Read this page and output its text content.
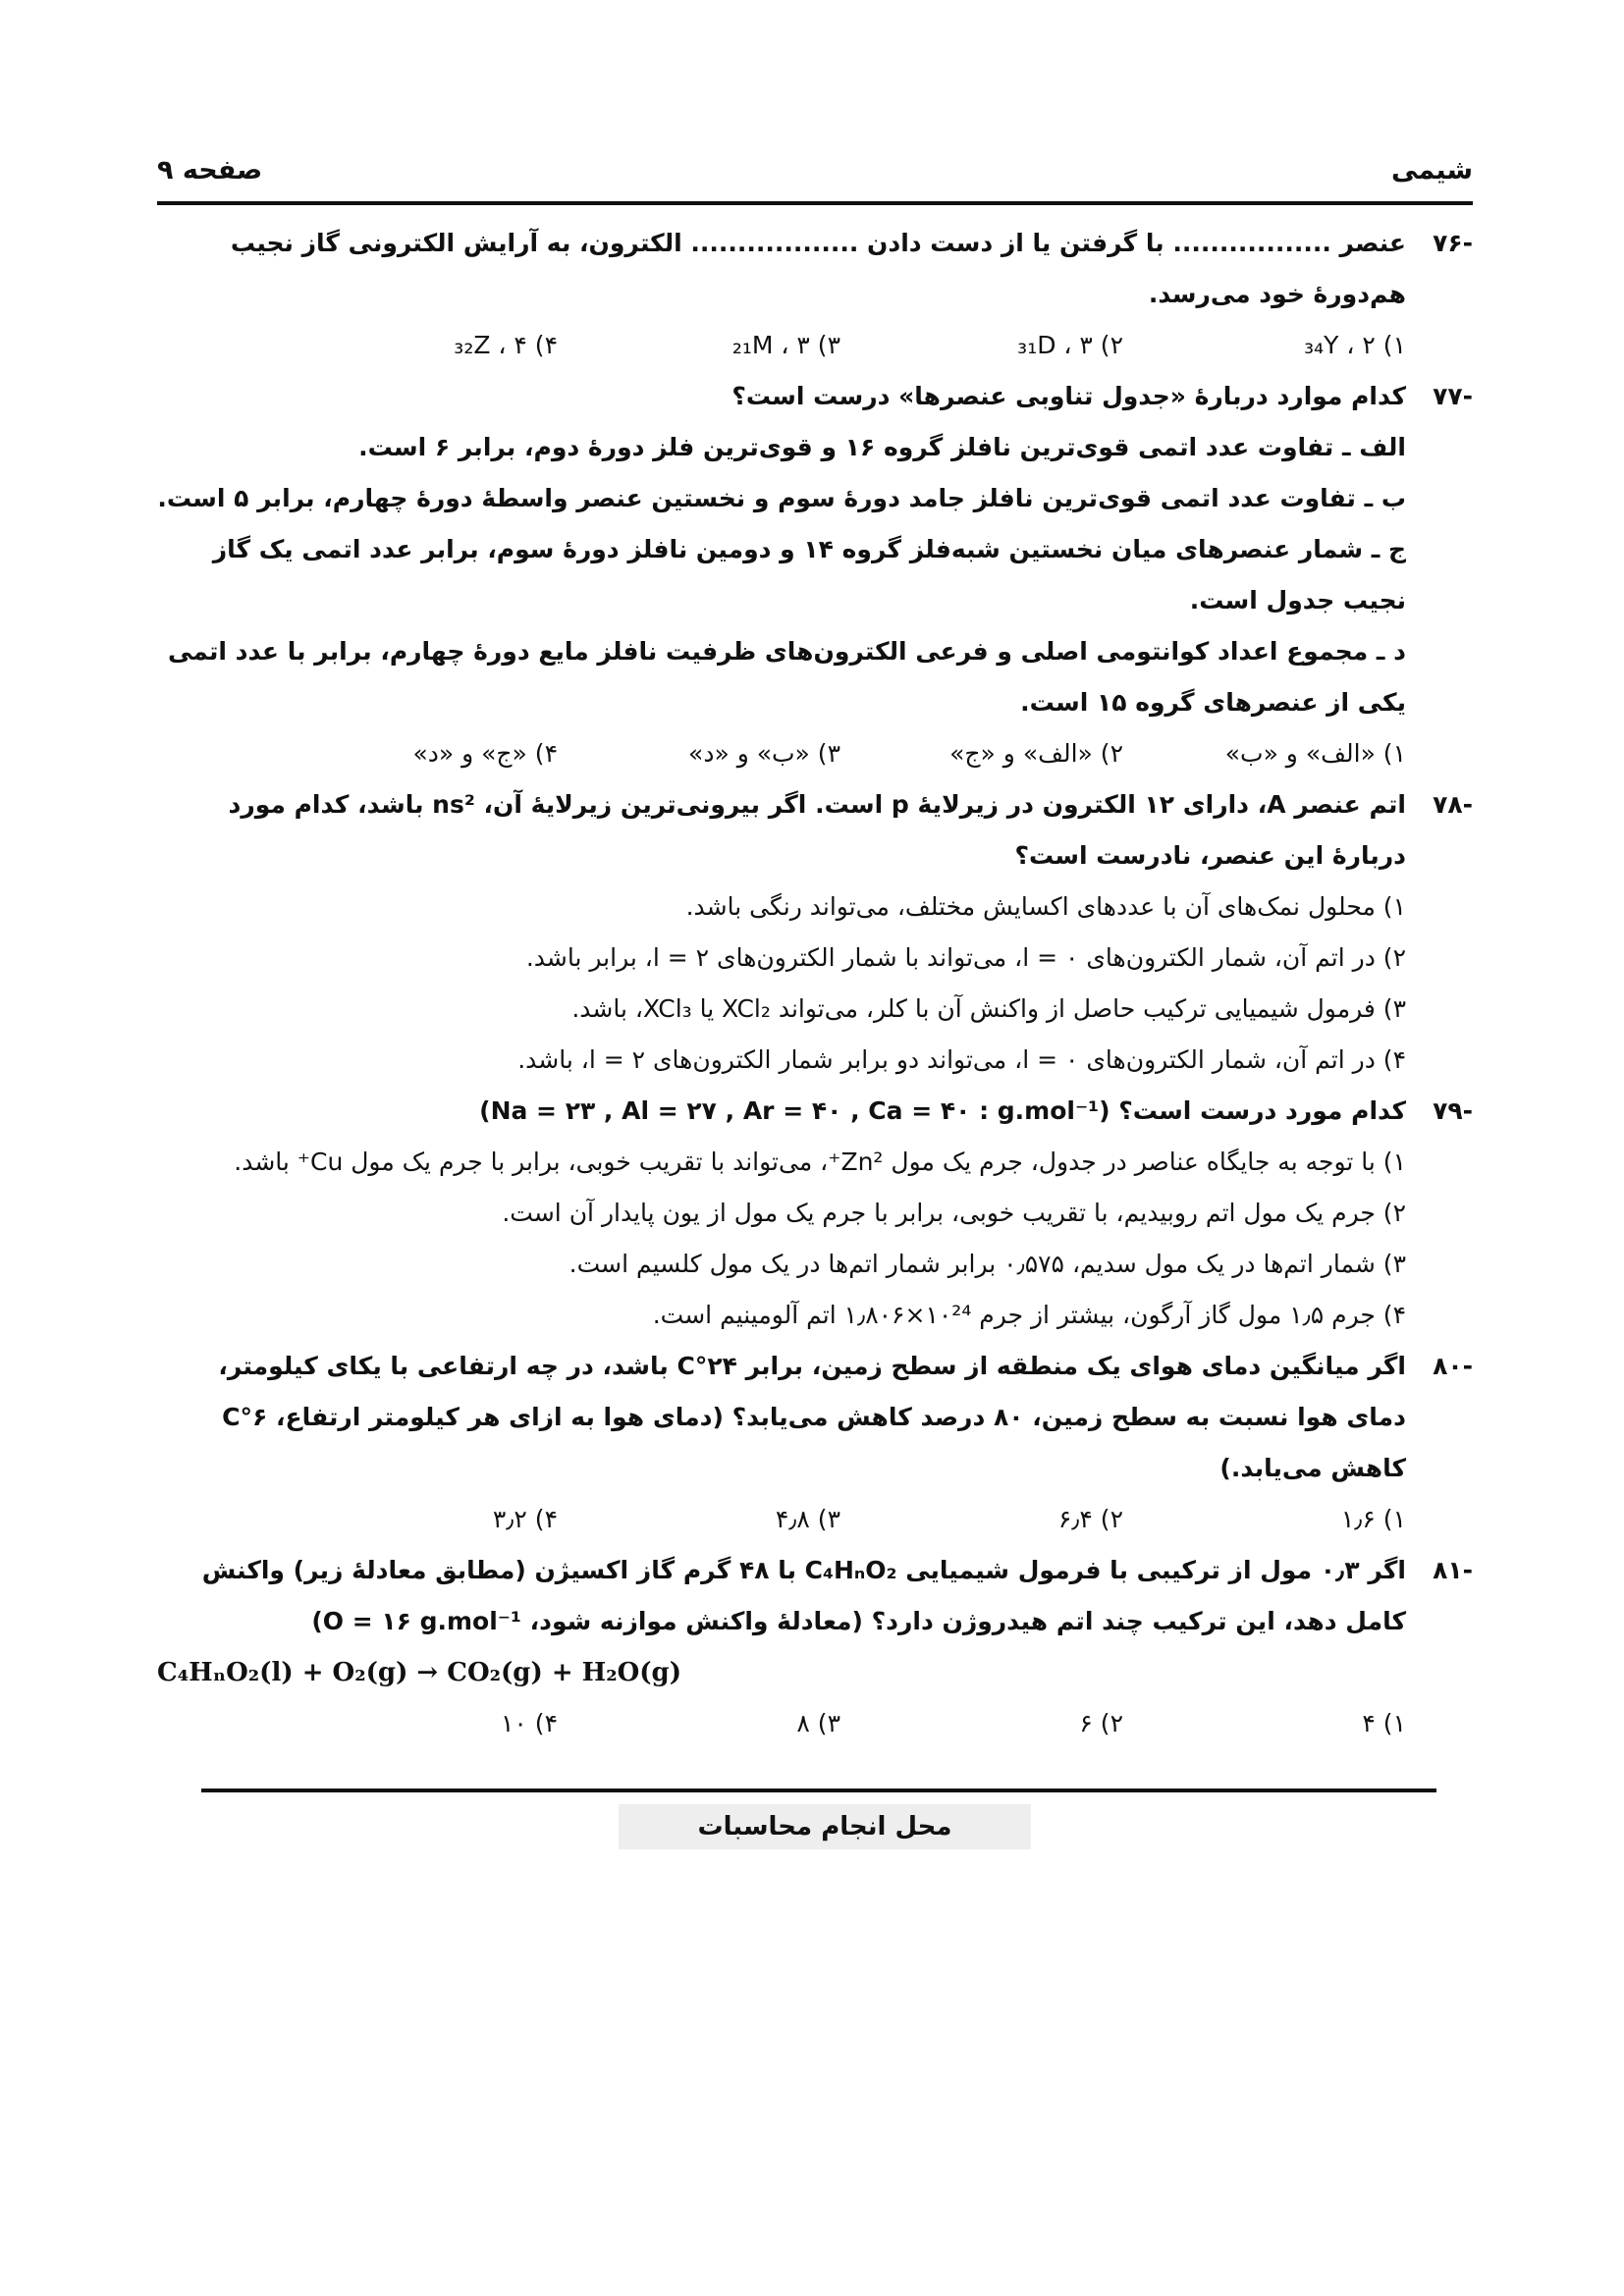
شیمی
صفحه ۹
-۷۶
عنصر ................. با گرفتن یا از دست دادن .................. الکترون، به آرایش الکترونی گاز نجیب هم‌دورهٔ خود می‌رسد.
۱) ₃₄Y ، ۲
۲) ₃₁D ، ۳
۳) ₂₁M ، ۳
۴) ₃₂Z ، ۴
-۷۷
کدام موارد دربارهٔ «جدول تناوبی عنصرها» درست است؟
الف ـ تفاوت عدد اتمی قوی‌ترین نافلز گروه ۱۶ و قوی‌ترین فلز دورهٔ دوم، برابر ۶ است.
ب ـ تفاوت عدد اتمی قوی‌ترین نافلز جامد دورهٔ سوم و نخستین عنصر واسطهٔ دورهٔ چهارم، برابر ۵ است.
ج ـ شمار عنصرهای میان نخستین شبه‌فلز گروه ۱۴ و دومین نافلز دورهٔ سوم، برابر عدد اتمی یک گاز نجیب جدول است.
د ـ مجموع اعداد کوانتومی اصلی و فرعی الکترون‌های ظرفیت نافلز مایع دورهٔ چهارم، برابر با عدد اتمی یکی از عنصرهای گروه ۱۵ است.
۱) «الف» و «ب»
۲) «الف» و «ج»
۳) «ب» و «د»
۴) «ج» و «د»
-۷۸
اتم عنصر A، دارای ۱۲ الکترون در زیرلایهٔ p است. اگر بیرونی‌ترین زیرلایهٔ آن، ns² باشد، کدام مورد دربارهٔ این عنصر، نادرست است؟
۱) محلول نمک‌های آن با عددهای اکسایش مختلف، می‌تواند رنگی باشد.
۲) در اتم آن، شمار الکترون‌های l = ۰، می‌تواند با شمار الکترون‌های l = ۲، برابر باشد.
۳) فرمول شیمیایی ترکیب حاصل از واکنش آن با کلر، می‌تواند XCl₂ یا XCl₃، باشد.
۴) در اتم آن، شمار الکترون‌های l = ۰، می‌تواند دو برابر شمار الکترون‌های l = ۲، باشد.
-۷۹
کدام مورد درست است؟ (Na = ۲۳ , Al = ۲۷ , Ar = ۴۰ , Ca = ۴۰ : g.mol⁻¹)
۱) با توجه به جایگاه عناصر در جدول، جرم یک مول Zn²⁺، می‌تواند با تقریب خوبی، برابر با جرم یک مول Cu⁺ باشد.
۲) جرم یک مول اتم روبیدیم، با تقریب خوبی، برابر با جرم یک مول از یون پایدار آن است.
۳) شمار اتم‌ها در یک مول سدیم، ۰٫۵۷۵ برابر شمار اتم‌ها در یک مول کلسیم است.
۴) جرم ۱٫۵ مول گاز آرگون، بیشتر از جرم ۱۰²⁴×۱٫۸۰۶ اتم آلومینیم است.
-۸۰
اگر میانگین دمای هوای یک منطقه از سطح زمین، برابر ۲۴°C باشد، در چه ارتفاعی با یکای کیلومتر، دمای هوا نسبت به سطح زمین، ۸۰ درصد کاهش می‌یابد؟ (دمای هوا به ازای هر کیلومتر ارتفاع، ۶°C کاهش می‌یابد.)
۱) ۱٫۶
۲) ۶٫۴
۳) ۴٫۸
۴) ۳٫۲
-۸۱
اگر ۰٫۳ مول از ترکیبی با فرمول شیمیایی C₄HₙO₂ با ۴۸ گرم گاز اکسیژن (مطابق معادلهٔ زیر) واکنش کامل دهد، این ترکیب چند اتم هیدروژن دارد؟ (معادلهٔ واکنش موازنه شود، O = ۱۶ g.mol⁻¹)
C₄HₙO₂(l) + O₂(g) → CO₂(g) + H₂O(g)
۱) ۴
۲) ۶
۳) ۸
۴) ۱۰
محل انجام محاسبات
